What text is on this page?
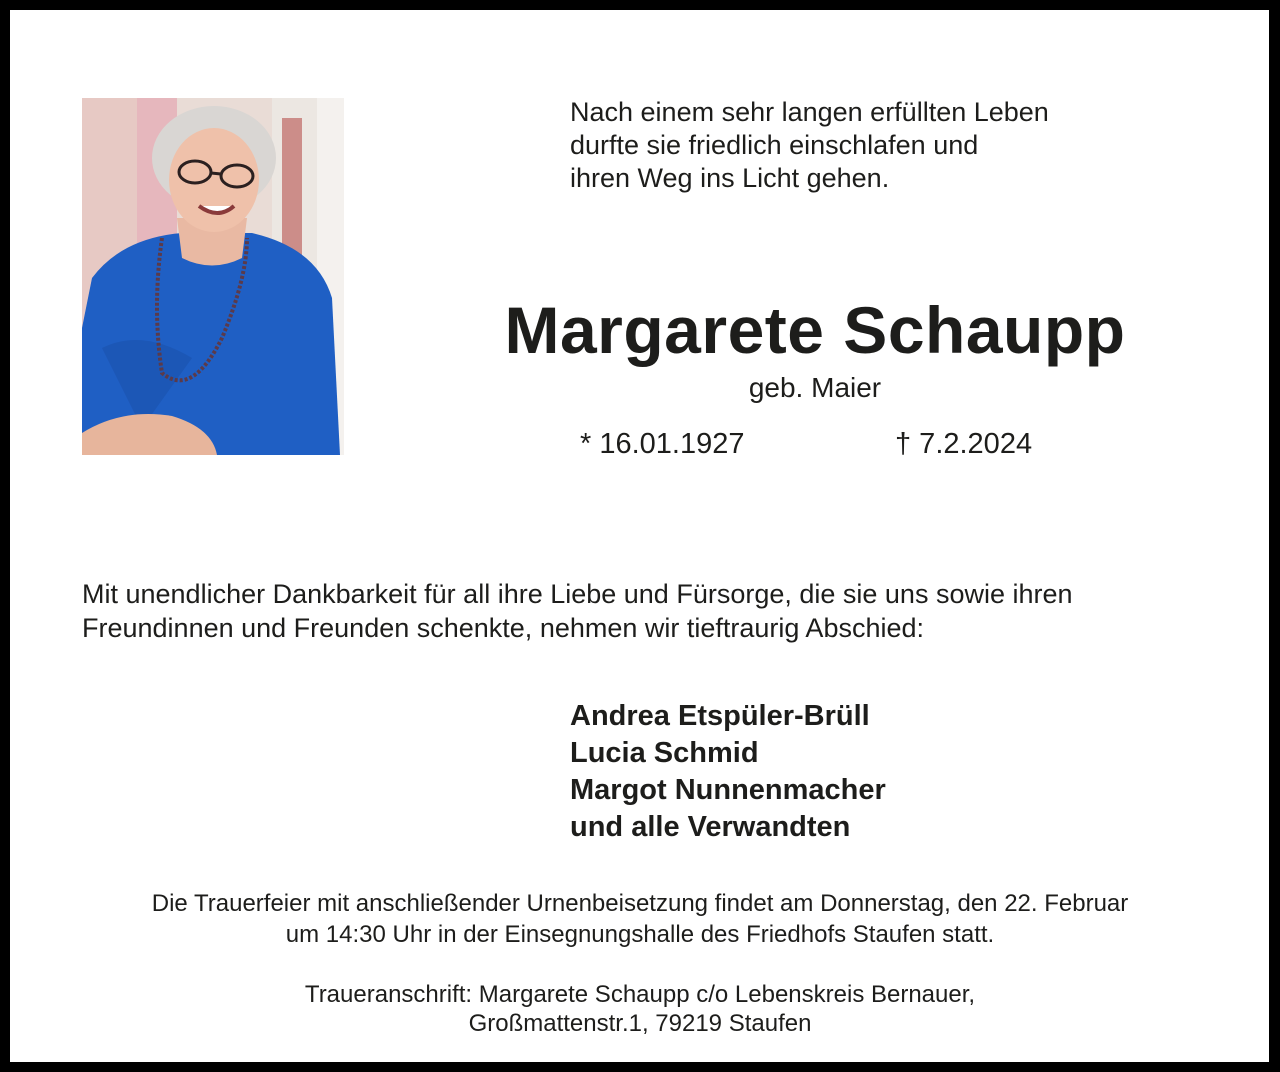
Nach einem sehr langen erfüllten Leben
durfte sie friedlich einschlafen und
ihren Weg ins Licht gehen.

Margarete Schaupp
geb. Maier
* 16.01.1927	† 7.2.2024
Mit unendlicher Dankbarkeit für all ihre Liebe und Fürsorge, die sie uns sowie ihren
Freundinnen und Freunden schenkte, nehmen wir tieftraurig Abschied:
Andrea Etspüler-Brüll
Lucia Schmid
Margot Nunnenmacher
und alle Verwandten
Die Trauerfeier mit anschließender Urnenbeisetzung findet am Donnerstag, den 22. Februar
um 14:30 Uhr in der Einsegnungshalle des Friedhofs Staufen statt.
Traueranschrift: Margarete Schaupp c/o Lebenskreis Bernauer,
Großmattenstr.1, 79219 Staufen
